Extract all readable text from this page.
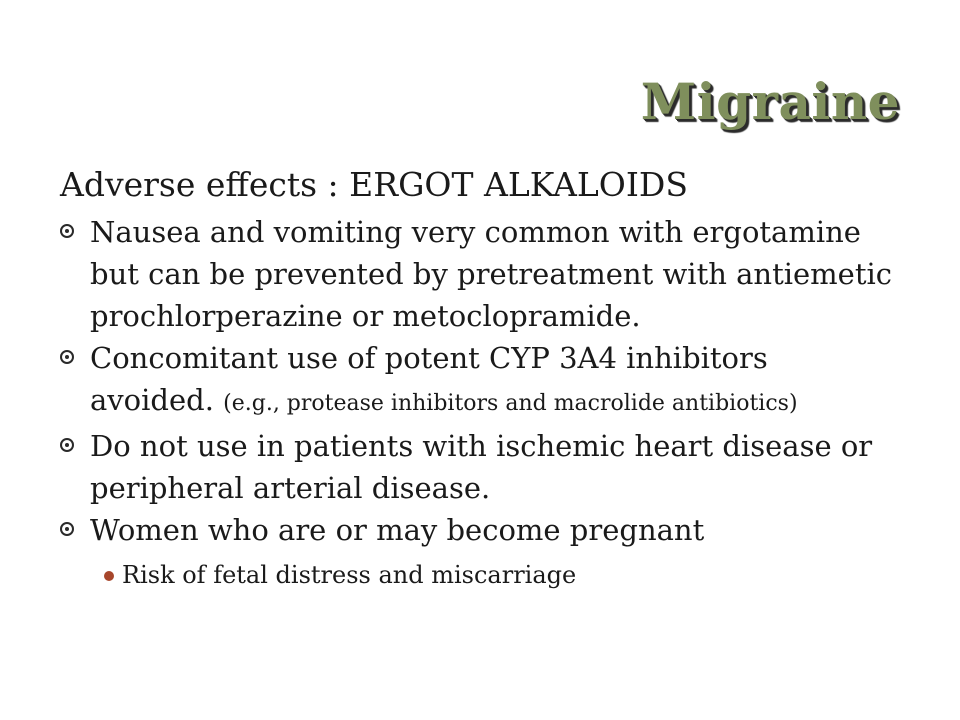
Migraine
Adverse effects : ERGOT ALKALOIDS
Nausea and vomiting very common with ergotamine but can be prevented by pretreatment with antiemetic prochlorperazine or metoclopramide.
Concomitant use of potent CYP 3A4 inhibitors avoided. (e.g., protease inhibitors and macrolide antibiotics)
Do not use in patients with ischemic heart disease or peripheral arterial disease.
Women who are or may become pregnant
Risk of fetal distress and miscarriage
